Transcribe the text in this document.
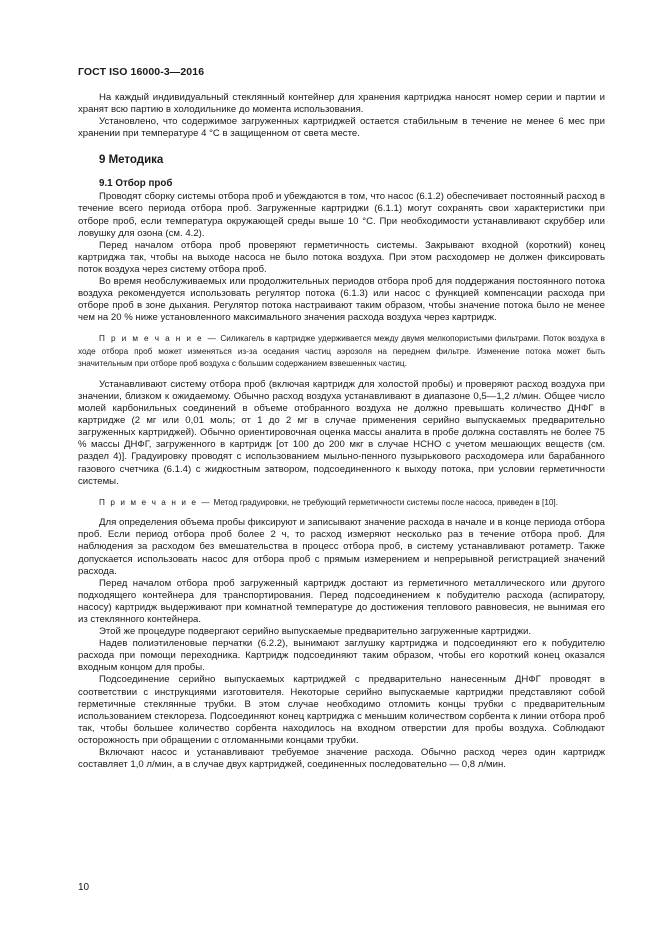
ГОСТ ISO 16000-3—2016

На каждый индивидуальный стеклянный контейнер для хранения картриджа наносят номер серии и партии и хранят всю партию в холодильнике до момента использования.

Установлено, что содержимое загруженных картриджей остается стабильным в течение не менее 6 мес при хранении при температуре 4 °С в защищенном от света месте.

9 Методика
9.1 Отбор проб

Проводят сборку системы отбора проб и убеждаются в том, что насос (6.1.2) обеспечивает постоянный расход в течение всего периода отбора проб. Загруженные картриджи (6.1.1) могут сохранять свои характеристики при отборе проб, если температура окружающей среды выше 10 °С. При необходимости устанавливают скруббер или ловушку для озона (см. 4.2).

Перед началом отбора проб проверяют герметичность системы. Закрывают входной (короткий) конец картриджа так, чтобы на выходе насоса не было потока воздуха. При этом расходомер не должен фиксировать поток воздуха через систему отбора проб.

Во время необслуживаемых или продолжительных периодов отбора проб для поддержания постоянного потока воздуха рекомендуется использовать регулятор потока (6.1.3) или насос с функцией компенсации расхода при отборе проб в зоне дыхания. Регулятор потока настраивают таким образом, чтобы значение потока было не менее чем на 20 % ниже установленного максимального значения расхода воздуха через картридж.

П р и м е ч а н и е — Силикагель в картридже удерживается между двумя мелкопористыми фильтрами. Поток воздуха в ходе отбора проб может изменяться из-за оседания частиц аэрозоля на переднем фильтре. Изменение потока может быть значительным при отборе проб воздуха с большим содержанием взвешенных частиц.

Устанавливают систему отбора проб (включая картридж для холостой пробы) и проверяют расход воздуха при значении, близком к ожидаемому. Обычно расход воздуха устанавливают в диапазоне 0,5—1,2 л/мин. Общее число молей карбонильных соединений в объеме отобранного воздуха не должно превышать количество ДНФГ в картридже (2 мг или 0,01 моль; от 1 до 2 мг в случае применения серийно выпускаемых предварительно загруженных картриджей). Обычно ориентировочная оценка массы аналита в пробе должна составлять не более 75 % массы ДНФГ, загруженного в картридж [от 100 до 200 мкг в случае НСНО с учетом мешающих веществ (см. раздел 4)]. Градуировку проводят с использованием мыльно-пенного пузырькового расходомера или барабанного газового счетчика (6.1.4) с жидкостным затвором, подсоединенного к выходу потока, при условии герметичности системы.

П р и м е ч а н и е — Метод градуировки, не требующий герметичности системы после насоса, приведен в [10].

Для определения объема пробы фиксируют и записывают значение расхода в начале и в конце периода отбора проб. Если период отбора проб более 2 ч, то расход измеряют несколько раз в течение отбора проб. Для наблюдения за расходом без вмешательства в процесс отбора проб, в систему устанавливают ротаметр. Также допускается использовать насос для отбора проб с прямым измерением и непрерывной регистрацией значений расхода.

Перед началом отбора проб загруженный картридж достают из герметичного металлического или другого подходящего контейнера для транспортирования. Перед подсоединением к побудителю расхода (аспиратору, насосу) картридж выдерживают при комнатной температуре до достижения теплового равновесия, не вынимая его из стеклянного контейнера.

Этой же процедуре подвергают серийно выпускаемые предварительно загруженные картриджи.

Надев полиэтиленовые перчатки (6.2.2), вынимают заглушку картриджа и подсоединяют его к побудителю расхода при помощи переходника. Картридж подсоединяют таким образом, чтобы его короткий конец оказался входным концом для пробы.

Подсоединение серийно выпускаемых картриджей с предварительно нанесенным ДНФГ проводят в соответствии с инструкциями изготовителя. Некоторые серийно выпускаемые картриджи представляют собой герметичные стеклянные трубки. В этом случае необходимо отломить концы трубки с предварительным использованием стеклореза. Подсоединяют конец картриджа с меньшим количеством сорбента к линии отбора проб так, чтобы большее количество сорбента находилось на входном отверстии для пробы воздуха. Соблюдают осторожность при обращении с отломанными концами трубки.

Включают насос и устанавливают требуемое значение расхода. Обычно расход через один картридж составляет 1,0 л/мин, а в случае двух картриджей, соединенных последовательно — 0,8 л/мин.

10
